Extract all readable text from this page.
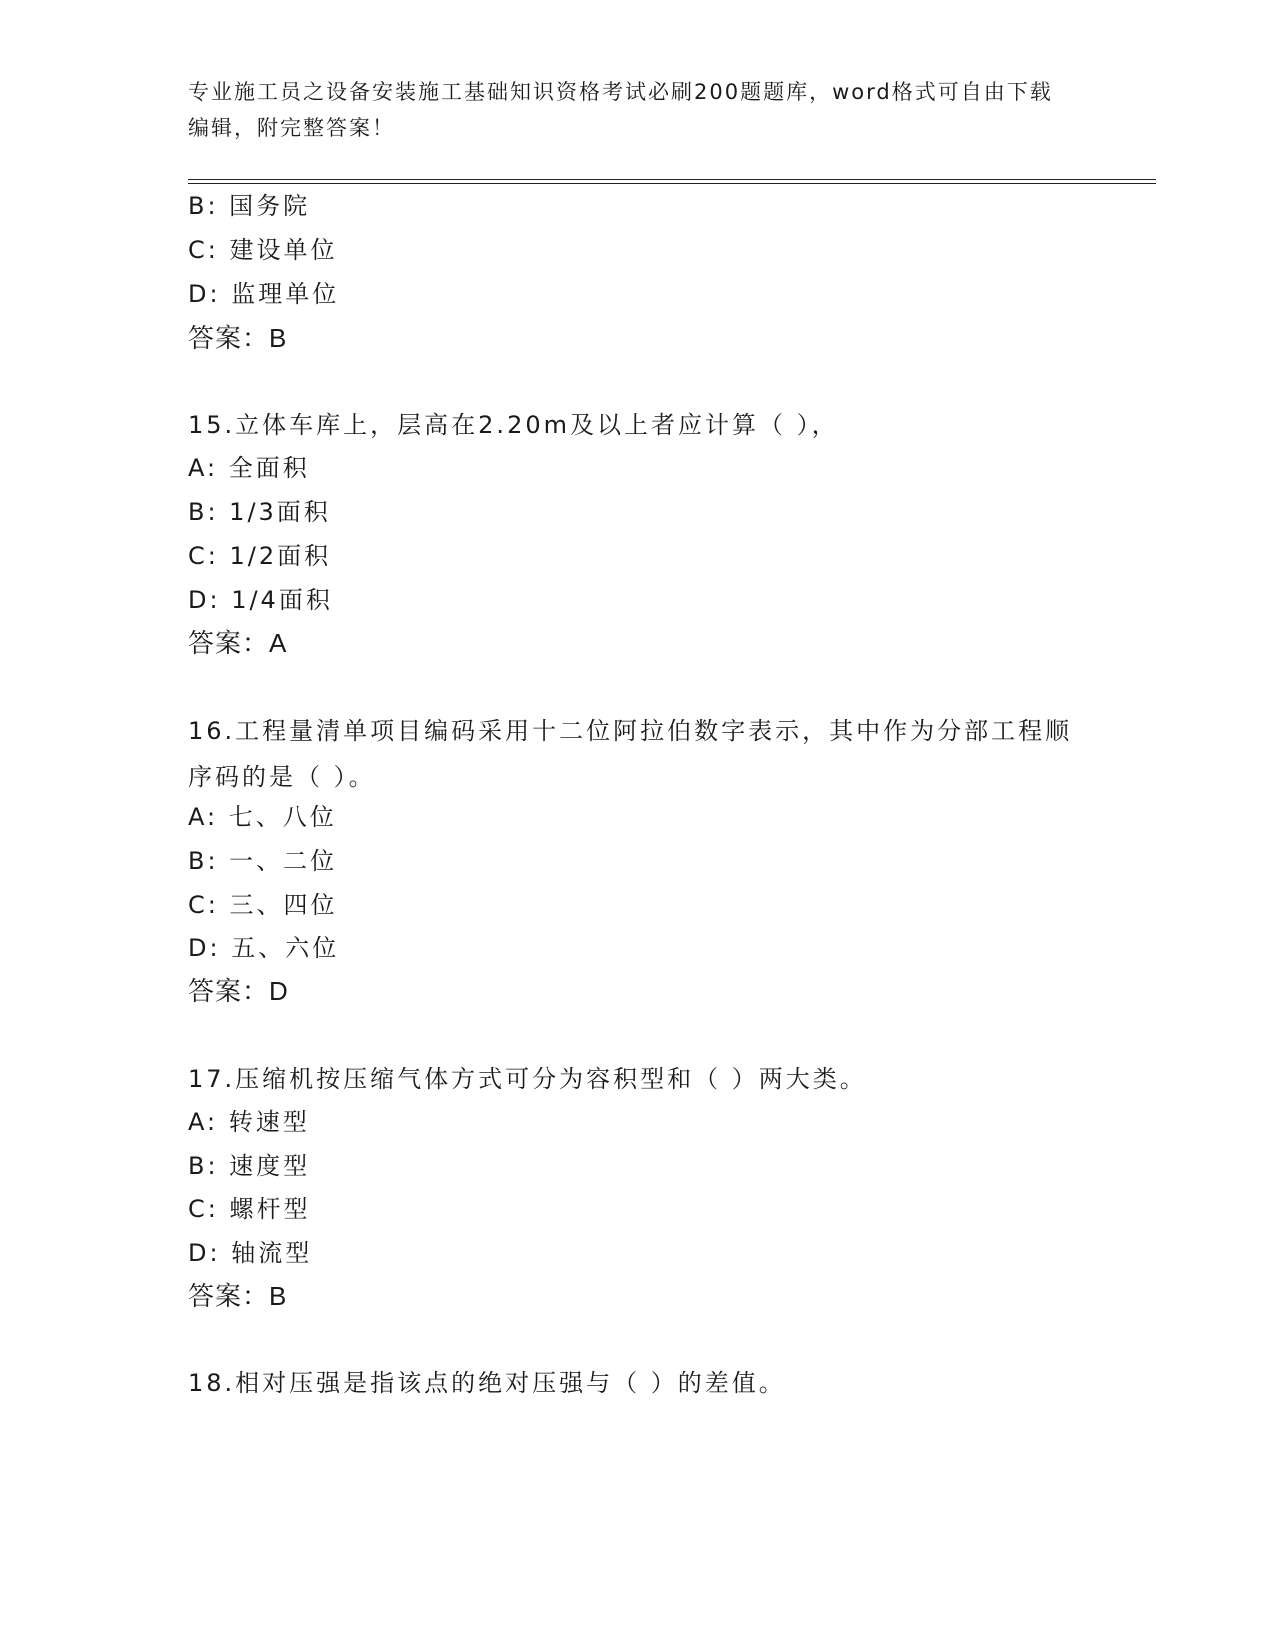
专业施工员之设备安装施工基础知识资格考试必刷200题题库，word格式可自由下载编辑，附完整答案！
B: 国务院
C: 建设单位
D: 监理单位
答案：B
15.立体车库上，层高在2.20m及以上者应计算（ ），
A: 全面积
B: 1/3面积
C: 1/2面积
D: 1/4面积
答案：A
16.工程量清单项目编码采用十二位阿拉伯数字表示，其中作为分部工程顺序码的是（ ）。
A: 七、八位
B: 一、二位
C: 三、四位
D: 五、六位
答案：D
17.压缩机按压缩气体方式可分为容积型和（ ）两大类。
A: 转速型
B: 速度型
C: 螺杆型
D: 轴流型
答案：B
18.相对压强是指该点的绝对压强与（ ）的差值。
